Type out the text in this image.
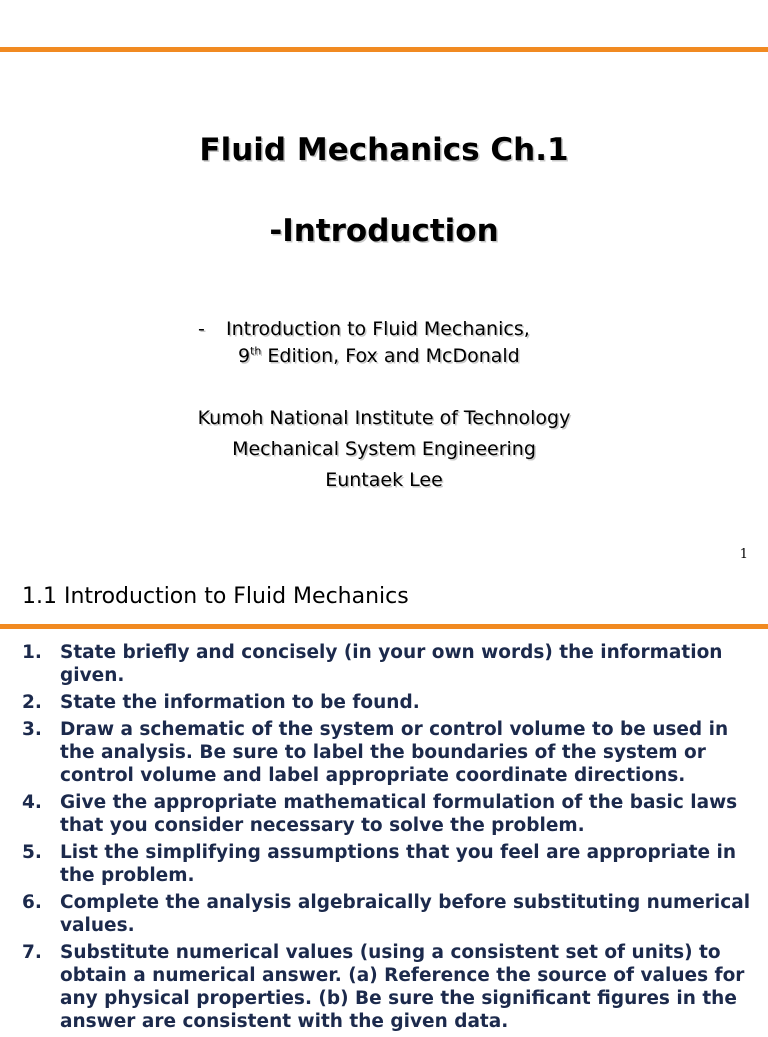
Fluid Mechanics Ch.1
-Introduction
- Introduction to Fluid Mechanics,
9th Edition, Fox and McDonald
Kumoh National Institute of Technology
Mechanical System Engineering
Euntaek Lee
1
1.1 Introduction to Fluid Mechanics
1. State briefly and concisely (in your own words) the information given.
2. State the information to be found.
3. Draw a schematic of the system or control volume to be used in the analysis. Be sure to label the boundaries of the system or control volume and label appropriate coordinate directions.
4. Give the appropriate mathematical formulation of the basic laws that you consider necessary to solve the problem.
5. List the simplifying assumptions that you feel are appropriate in the problem.
6. Complete the analysis algebraically before substituting numerical values.
7. Substitute numerical values (using a consistent set of units) to obtain a numerical answer. (a) Reference the source of values for any physical properties. (b) Be sure the significant figures in the answer are consistent with the given data.
